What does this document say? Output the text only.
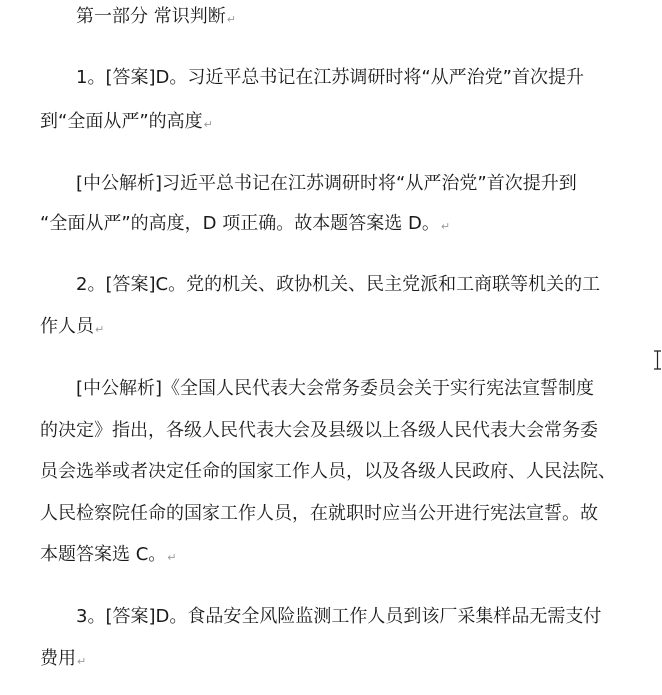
第一部分 常识判断↵
1。[答案]D。习近平总书记在江苏调研时将“从严治党”首次提升
到“全面从严”的高度↵
[中公解析]习近平总书记在江苏调研时将“从严治党”首次提升到
“全面从严”的高度，D 项正确。故本题答案选 D。↵
2。[答案]C。党的机关、政协机关、民主党派和工商联等机关的工
作人员↵
[中公解析]《全国人民代表大会常务委员会关于实行宪法宣誓制度
的决定》指出，各级人民代表大会及县级以上各级人民代表大会常务委
员会选举或者决定任命的国家工作人员，以及各级人民政府、人民法院、
人民检察院任命的国家工作人员，在就职时应当公开进行宪法宣誓。故
本题答案选 C。↵
3。[答案]D。食品安全风险监测工作人员到该厂采集样品无需支付
费用↵
